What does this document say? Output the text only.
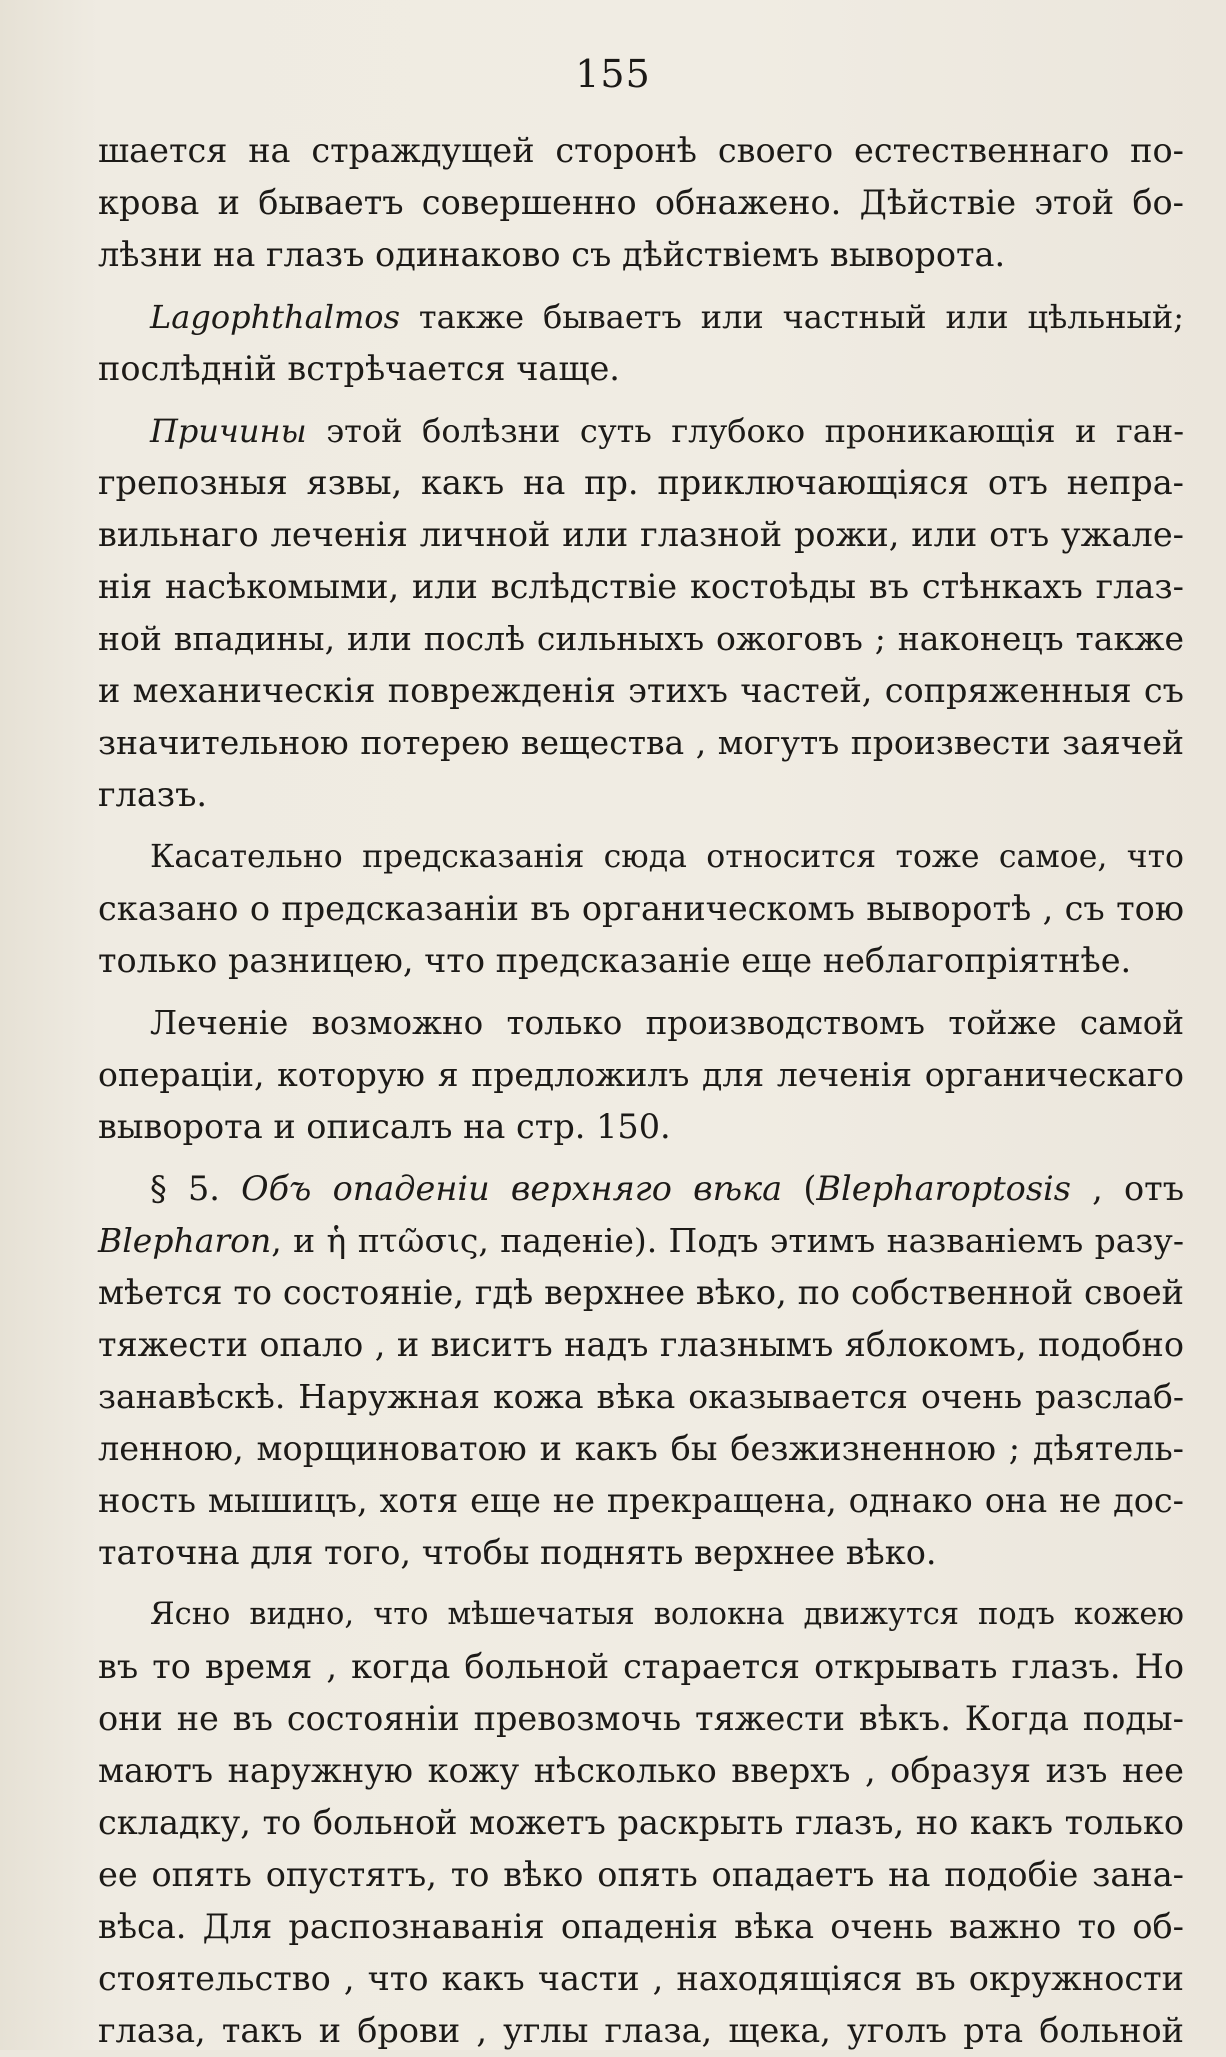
155
шается на страждущей сторонѣ своего естественнаго по-
крова и бываетъ совершенно обнажено. Дѣйствіе этой бо-
лѣзни на глазъ одинаково съ дѣйствіемъ выворота.
Lagophthalmos также бываетъ или частный или цѣльный;
послѣдній встрѣчается чаще.
Причины этой болѣзни суть глубоко проникающія и ган-
грепозныя язвы, какъ на пр. приключающіяся отъ непра-
вильнаго леченія личной или глазной рожи, или отъ ужале-
нія насѣкомыми, или вслѣдствіе костоѣды въ стѣнкахъ глаз-
ной впадины, или послѣ сильныхъ ожоговъ ; наконецъ также
и механическія поврежденія этихъ частей, сопряженныя съ
значительною потерею вещества , могутъ произвести заячей
глазъ.
Касательно предсказанія сюда относится тоже самое, что
сказано о предсказаніи въ органическомъ выворотѣ , съ тою
только разницею, что предсказаніе еще неблагопріятнѣе.
Леченіе возможно только производствомъ тойже самой
операціи, которую я предложилъ для леченія органическаго
выворота и описалъ на стр. 150.
§ 5. Объ опаденіи верхняго вѣка (Blepharoptosis , отъ
Blepharon, и ἡ πτῶσις, паденіе). Подъ этимъ названіемъ разу-
мѣется то состояніе, гдѣ верхнее вѣко, по собственной своей
тяжести опало , и виситъ надъ глазнымъ яблокомъ, подобно
занавѣскѣ. Наружная кожа вѣка оказывается очень разслаб-
ленною, морщиноватою и какъ бы безжизненною ; дѣятель-
ность мышицъ, хотя еще не прекращена, однако она не дос-
таточна для того, чтобы поднять верхнее вѣко.
Ясно видно, что мѣшечатыя волокна движутся подъ кожею
въ то время , когда больной старается открывать глазъ. Но
они не въ состояніи превозмочь тяжести вѣкъ. Когда поды-
маютъ наружную кожу нѣсколько вверхъ , образуя изъ нее
складку, то больной можетъ раскрыть глазъ, но какъ только
ее опять опустятъ, то вѣко опять опадаетъ на подобіе зана-
вѣса. Для распознаванія опаденія вѣка очень важно то об-
стоятельство , что какъ части , находящіяся въ окружности
глаза, такъ и брови , углы глаза, щека, уголъ рта больной
